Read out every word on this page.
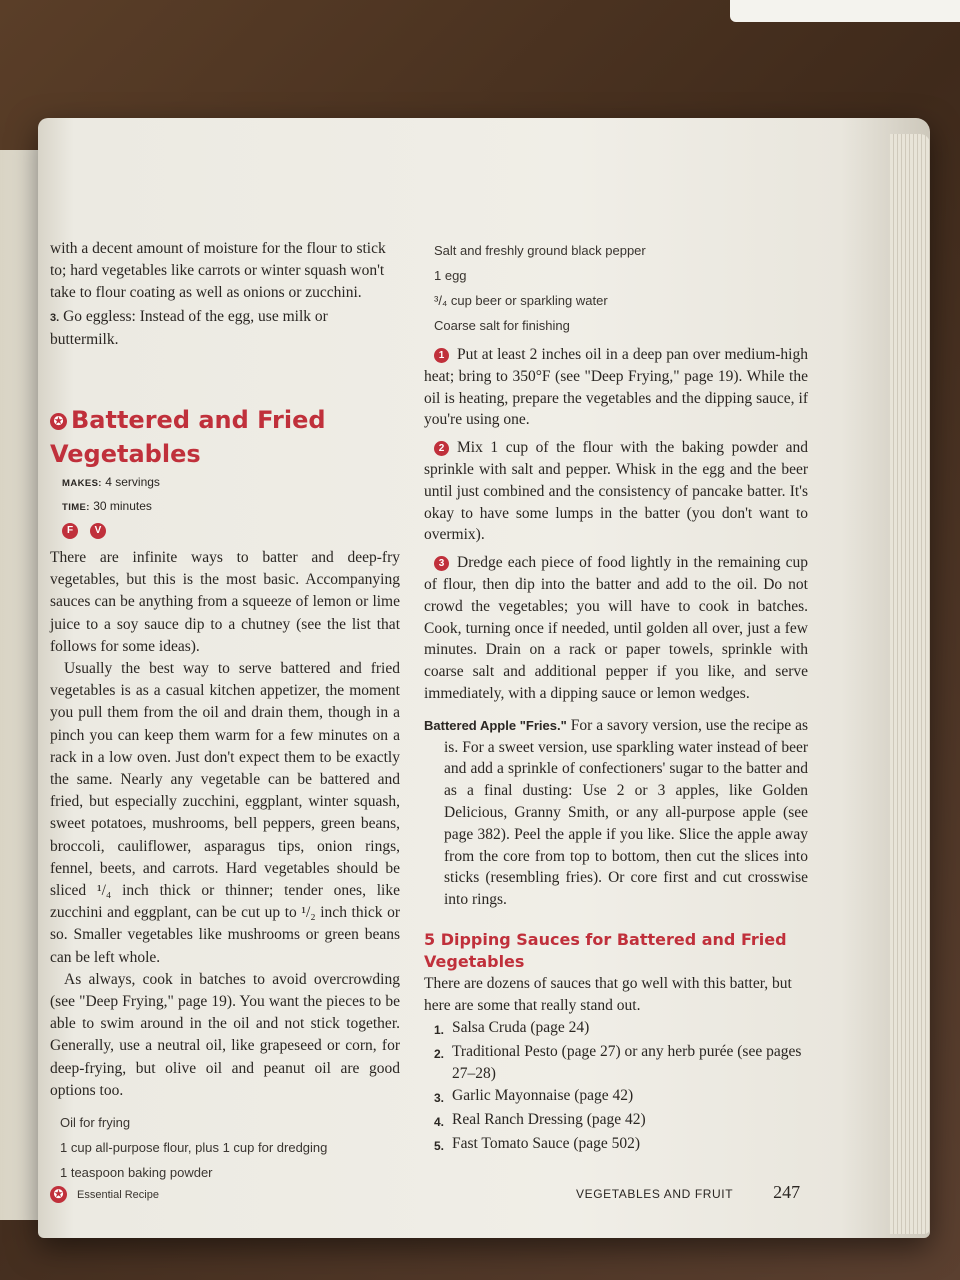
with a decent amount of moisture for the flour to stick to; hard vegetables like carrots or winter squash won't take to flour coating as well as onions or zucchini.

3. Go eggless: Instead of the egg, use milk or buttermilk.

✪ Battered and Fried Vegetables
MAKES: 4 servings
TIME: 30 minutes
F	V

There are infinite ways to batter and deep-fry vegetables, but this is the most basic. Accompanying sauces can be anything from a squeeze of lemon or lime juice to a soy sauce dip to a chutney (see the list that follows for some ideas).

Usually the best way to serve battered and fried vegetables is as a casual kitchen appetizer, the moment you pull them from the oil and drain them, though in a pinch you can keep them warm for a few minutes on a rack in a low oven. Just don't expect them to be exactly the same. Nearly any vegetable can be battered and fried, but especially zucchini, eggplant, winter squash, sweet potatoes, mushrooms, bell peppers, green beans, broccoli, cauliflower, asparagus tips, onion rings, fennel, beets, and carrots. Hard vegetables should be sliced ¹/₄ inch thick or thinner; tender ones, like zucchini and eggplant, can be cut up to ¹/₂ inch thick or so. Smaller vegetables like mushrooms or green beans can be left whole.

As always, cook in batches to avoid overcrowding (see "Deep Frying," page 19). You want the pieces to be able to swim around in the oil and not stick together. Generally, use a neutral oil, like grapeseed or corn, for deep-frying, but olive oil and peanut oil are good options too.

Oil for frying
1 cup all-purpose flour, plus 1 cup for dredging
1 teaspoon baking powder
Salt and freshly ground black pepper
1 egg
³/₄ cup beer or sparkling water
Coarse salt for finishing

1 Put at least 2 inches oil in a deep pan over medium-high heat; bring to 350°F (see "Deep Frying," page 19). While the oil is heating, prepare the vegetables and the dipping sauce, if you're using one.

2 Mix 1 cup of the flour with the baking powder and sprinkle with salt and pepper. Whisk in the egg and the beer until just combined and the consistency of pancake batter. It's okay to have some lumps in the batter (you don't want to overmix).

3 Dredge each piece of food lightly in the remaining cup of flour, then dip into the batter and add to the oil. Do not crowd the vegetables; you will have to cook in batches. Cook, turning once if needed, until golden all over, just a few minutes. Drain on a rack or paper towels, sprinkle with coarse salt and additional pepper if you like, and serve immediately, with a dipping sauce or lemon wedges.

Battered Apple "Fries." For a savory version, use the recipe as is. For a sweet version, use sparkling water instead of beer and add a sprinkle of confectioners' sugar to the batter and as a final dusting: Use 2 or 3 apples, like Golden Delicious, Granny Smith, or any all-purpose apple (see page 382). Peel the apple if you like. Slice the apple away from the core from top to bottom, then cut the slices into sticks (resembling fries). Or core first and cut crosswise into rings.

5 Dipping Sauces for Battered and Fried Vegetables

There are dozens of sauces that go well with this batter, but here are some that really stand out.

1. Salsa Cruda (page 24)
2. Traditional Pesto (page 27) or any herb purée (see pages 27–28)
3. Garlic Mayonnaise (page 42)
4. Real Ranch Dressing (page 42)
5. Fast Tomato Sauce (page 502)
✪	Essential Recipe	VEGETABLES AND FRUIT 247
